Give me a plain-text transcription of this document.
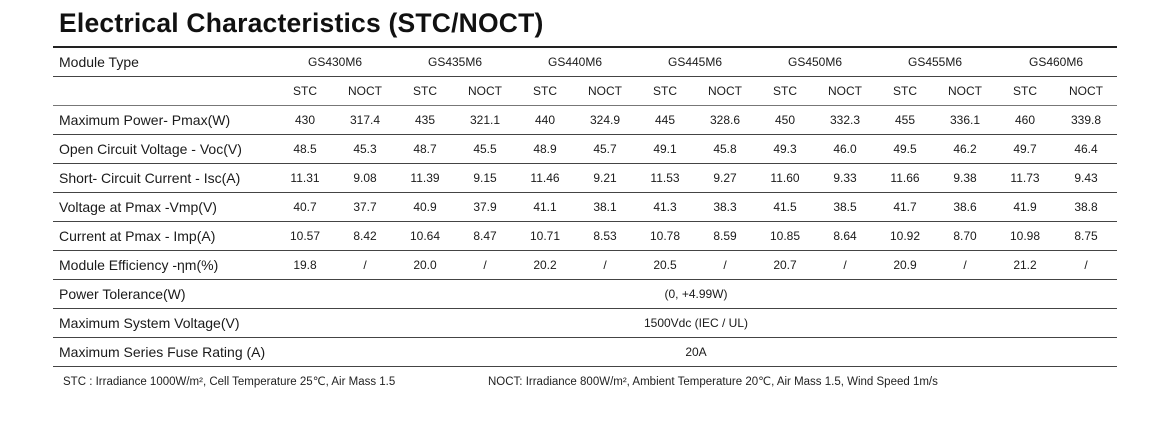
Electrical Characteristics (STC/NOCT)
Module Type	GS430M6		GS435M6		GS440M6		GS445M6		GS450M6		GS455M6		GS460M6	
	STC	NOCT	STC	NOCT	STC	NOCT	STC	NOCT	STC	NOCT	STC	NOCT	STC	NOCT
Maximum Power- Pmax(W)	430	317.4	435	321.1	440	324.9	445	328.6	450	332.3	455	336.1	460	339.8
Open Circuit Voltage - Voc(V)	48.5	45.3	48.7	45.5	48.9	45.7	49.1	45.8	49.3	46.0	49.5	46.2	49.7	46.4
Short- Circuit Current - Isc(A)	11.31	9.08	11.39	9.15	11.46	9.21	11.53	9.27	11.60	9.33	11.66	9.38	11.73	9.43
Voltage at Pmax -Vmp(V)	40.7	37.7	40.9	37.9	41.1	38.1	41.3	38.3	41.5	38.5	41.7	38.6	41.9	38.8
Current at Pmax - Imp(A)	10.57	8.42	10.64	8.47	10.71	8.53	10.78	8.59	10.85	8.64	10.92	8.70	10.98	8.75
Module Efficiency -ηm(%)	19.8	/	20.0	/	20.2	/	20.5	/	20.7	/	20.9	/	21.2	/
Power Tolerance(W)	(0, +4.99W)													
Maximum System Voltage(V)	1500Vdc (IEC / UL)													
Maximum Series Fuse Rating (A)	20A													
STC : Irradiance 1000W/m², Cell Temperature 25℃, Air Mass 1.5	NOCT: Irradiance 800W/m², Ambient Temperature 20℃, Air Mass 1.5, Wind Speed 1m/s
